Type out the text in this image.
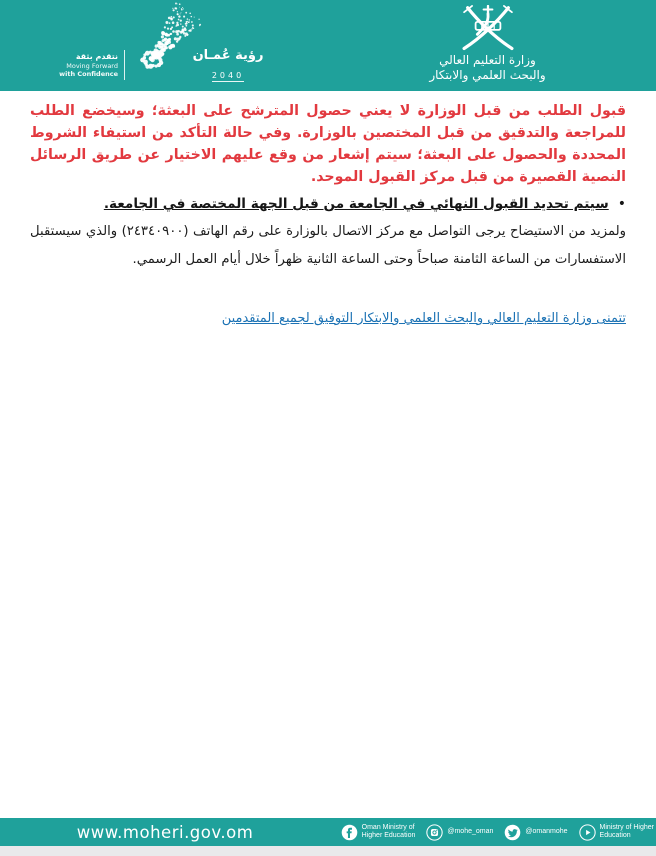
نتقدم بثقة
Moving Forward
with Confidence
رؤية عُمـان
2040
وزارة التعليم العالي
والبحث العلمي والابتكار

قبول الطلب من قبل الوزارة لا يعني حصول المترشح على البعثة؛ وسيخضع الطلب للمراجعة والتدقيق من قبل المختصين بالوزارة. وفي حالة التأكد من استيفاء الشروط المحددة والحصول على البعثة؛ سيتم إشعار من وقع عليهم الاختيار عن طريق الرسائل النصية القصيرة من قبل مركز القبول الموحد.

•
سيتم تحديد القبول النهائي في الجامعة من قبل الجهة المختصة في الجامعة.

ولمزيد من الاستيضاح يرجى التواصل مع مركز الاتصال بالوزارة على رقم الهاتف (٢٤٣٤٠٩٠٠) والذي سيستقبل الاستفسارات من الساعة الثامنة صباحاً وحتى الساعة الثانية ظهراً خلال أيام العمل الرسمي.

تتمنى وزارة التعليم العالي والبحث العلمي والابتكار التوفيق لجميع المتقدمين

www.moheri.gov.om	Oman Ministry of
Higher Education
@mohe_oman	@omanmohe
Ministry of Higher
Education
